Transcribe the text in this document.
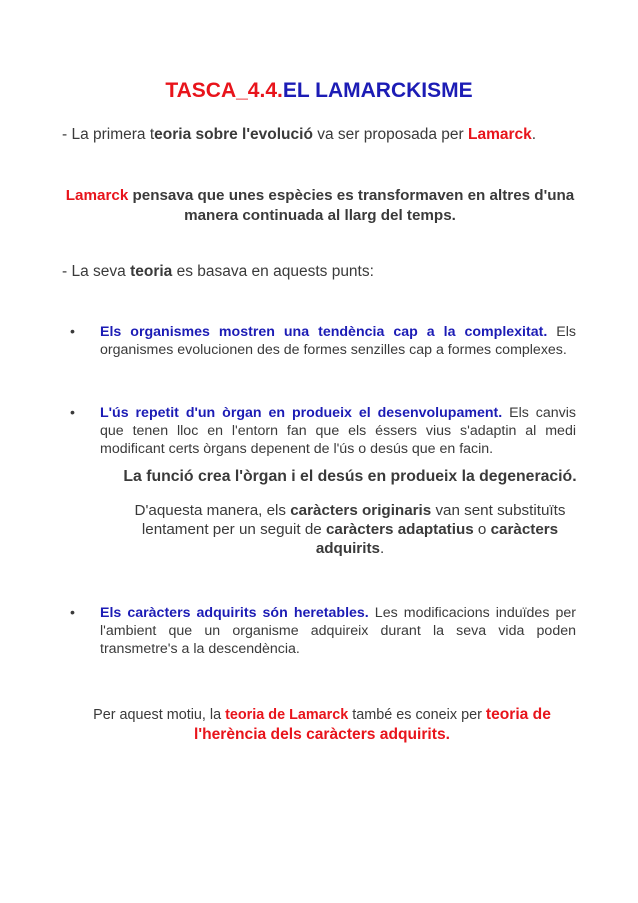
TASCA_4.4.EL LAMARCKISME
- La primera teoria sobre l'evolució va ser proposada per Lamarck.
Lamarck pensava que unes espècies es transformaven en altres d'una manera continuada al llarg del temps.
- La seva teoria es basava en aquests punts:
• Els organismes mostren una tendència cap a la complexitat. Els organismes evolucionen des de formes senzilles cap a formes complexes.
• L'ús repetit d'un òrgan en produeix el desenvolupament. Els canvis que tenen lloc en l'entorn fan que els éssers vius s'adaptin al medi modificant certs òrgans depenent de l'ús o desús que en facin.
La funció crea l'òrgan i el desús en produeix la degeneració.
D'aquesta manera, els caràcters originaris van sent substituïts lentament per un seguit de caràcters adaptatius o caràcters adquirits.
• Els caràcters adquirits són heretables. Les modificacions induïdes per l'ambient que un organisme adquireix durant la seva vida poden transmetre's a la descendència.
Per aquest motiu, la teoria de Lamarck també es coneix per teoria de l'herència dels caràcters adquirits.
